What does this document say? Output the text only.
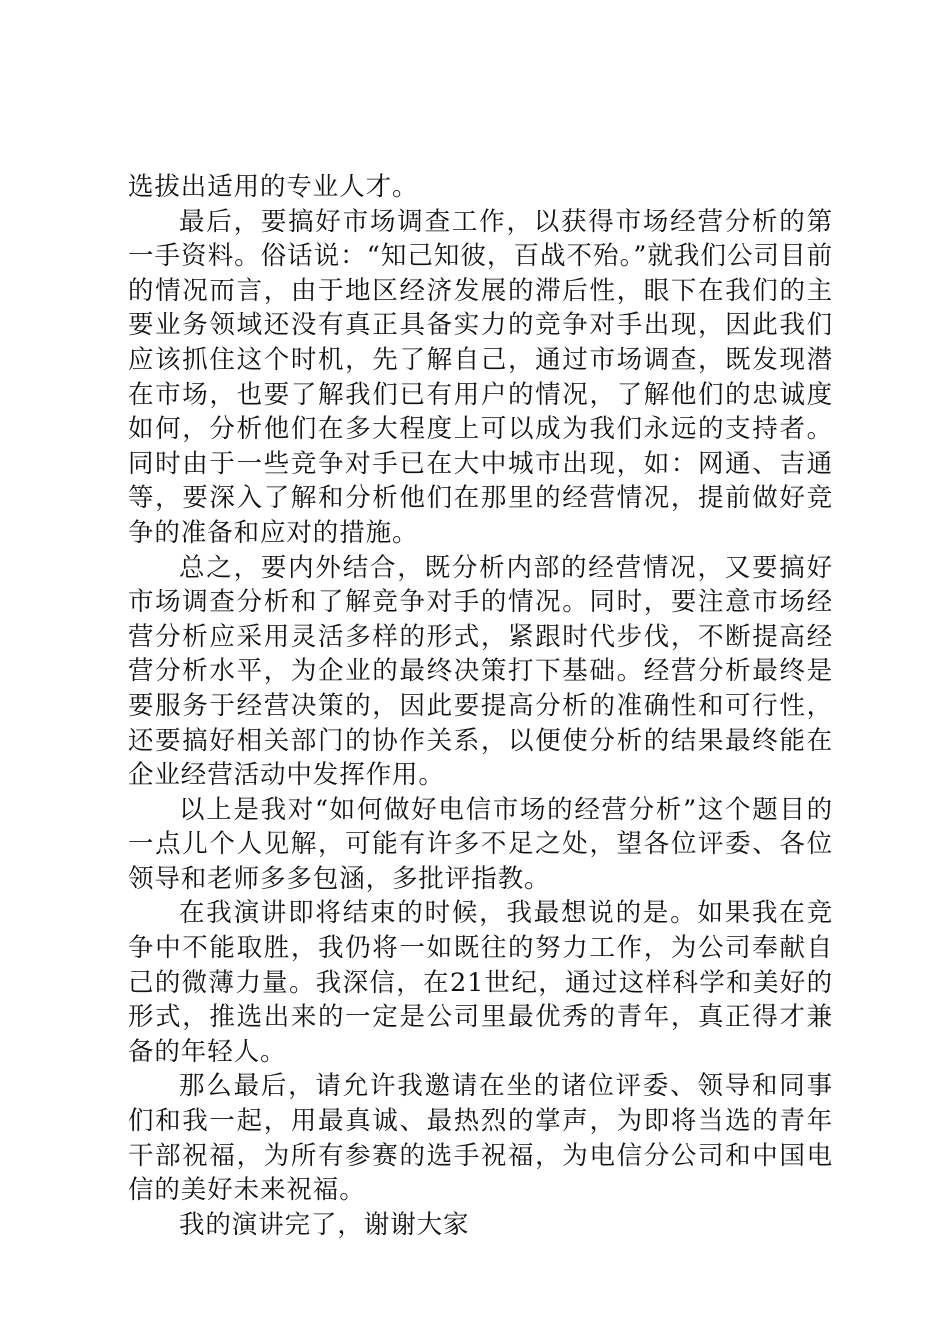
选拔出适用的专业人才。

最后，要搞好市场调查工作，以获得市场经营分析的第一手资料。俗话说：“知己知彼，百战不殆。”就我们公司目前的情况而言，由于地区经济发展的滞后性，眼下在我们的主要业务领域还没有真正具备实力的竞争对手出现，因此我们应该抓住这个时机，先了解自己，通过市场调查，既发现潜在市场，也要了解我们已有用户的情况，了解他们的忠诚度如何，分析他们在多大程度上可以成为我们永远的支持者。同时由于一些竞争对手已在大中城市出现，如：网通、吉通等，要深入了解和分析他们在那里的经营情况，提前做好竞争的准备和应对的措施。

总之，要内外结合，既分析内部的经营情况，又要搞好市场调查分析和了解竞争对手的情况。同时，要注意市场经营分析应采用灵活多样的形式，紧跟时代步伐，不断提高经营分析水平，为企业的最终决策打下基础。经营分析最终是要服务于经营决策的，因此要提高分析的准确性和可行性，还要搞好相关部门的协作关系，以便使分析的结果最终能在企业经营活动中发挥作用。

以上是我对“如何做好电信市场的经营分析”这个题目的一点儿个人见解，可能有许多不足之处，望各位评委、各位领导和老师多多包涵，多批评指教。

在我演讲即将结束的时候，我最想说的是。如果我在竞争中不能取胜，我仍将一如既往的努力工作，为公司奉献自己的微薄力量。我深信，在21世纪，通过这样科学和美好的形式，推选出来的一定是公司里最优秀的青年，真正得才兼备的年轻人。

那么最后，请允许我邀请在坐的诸位评委、领导和同事们和我一起，用最真诚、最热烈的掌声，为即将当选的青年干部祝福，为所有参赛的选手祝福，为电信分公司和中国电信的美好未来祝福。

我的演讲完了，谢谢大家
